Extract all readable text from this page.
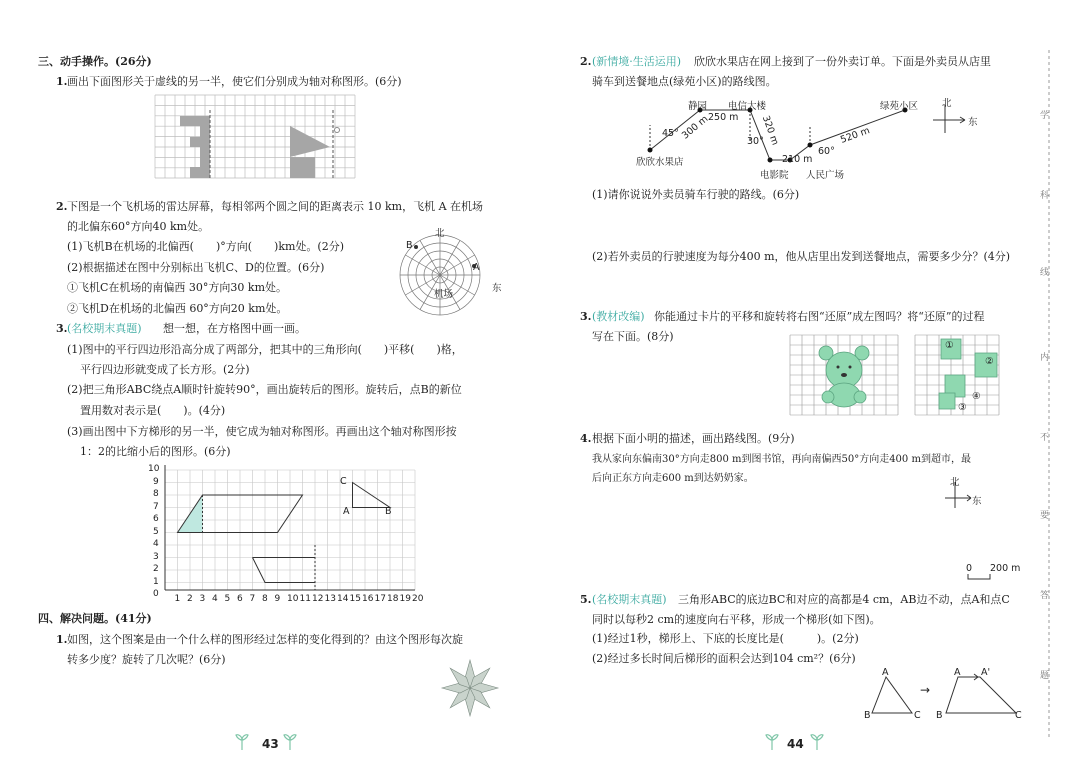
三、动手操作。(26分)
1. 画出下面图形关于虚线的另一半，使它们分别成为轴对称图形。(6分)
2. 下图是一个飞机场的雷达屏幕，每相邻两个圆之间的距离表示 10 km，飞机 A 在机场
的北偏东60°方向40 km处。
(1)飞机B在机场的北偏西(　　)°方向(　　)km处。(2分)
(2)根据描述在图中分别标出飞机C、D的位置。(6分)
①飞机C在机场的南偏西 30°方向30 km处。
②飞机D在机场的北偏西 60°方向20 km处。
北
东
机场
A
B
3. (名校期末真题) 想一想，在方格图中画一画。
(1)图中的平行四边形沿高分成了两部分，把其中的三角形向(　　)平移(　　)格，
平行四边形就变成了长方形。(2分)
(2)把三角形ABC绕点A顺时针旋转90°，画出旋转后的图形。旋转后，点B的新位
置用数对表示是(　　)。(4分)
(3)画出图中下方梯形的另一半，使它成为轴对称图形。再画出这个轴对称图形按
1：2的比缩小后的图形。(6分)
1 2 3 4 5 6 7 8 9 10 11 12 13 14 15 16 17 18 19 20
10
9
8
7
6
5
4
3
2
1
0
C
A	B
四、解决问题。(41分)
1. 如图，这个图案是由一个什么样的图形经过怎样的变化得到的？由这个图形每次旋
转多少度？旋转了几次呢？(6分)
43
2. (新情境·生活运用) 欣欣水果店在网上接到了一份外卖订单。下面是外卖员从店里
骑车到送餐地点(绿苑小区)的路线图。
静园 电信大楼	绿苑小区	北
东
45° 300 m
250 m 320 m
30°
210 m
60°
520 m
欣欣水果店
电影院 人民广场
(1)请你说说外卖员骑车行驶的路线。(6分)
(2)若外卖员的行驶速度为每分400 m，他从店里出发到送餐地点，需要多少分？(4分)
3. (教材改编) 你能通过卡片的平移和旋转将右图“还原”成左图吗？将“还原”的过程
写在下面。(8分)
①
②
③
④
4. 根据下面小明的描述，画出路线图。(9分)
我从家向东偏南30°方向走800 m到图书馆，再向南偏西50°方向走400 m到超市，最
后向正东方向走600 m到达奶奶家。	北
东
0 200 m
5. (名校期末真题) 三角形ABC的底边BC和对应的高都是4 cm，AB边不动，点A和点C
同时以每秒2 cm的速度向右平移，形成一个梯形(如下图)。
(1)经过1秒，梯形上、下底的长度比是(　　　)。(2分)
(2)经过多长时间后梯形的面积会达到104 cm²？(6分)
A
B	C
→
A A'
B	C
44
学
科
线
内
不
要
答
题
